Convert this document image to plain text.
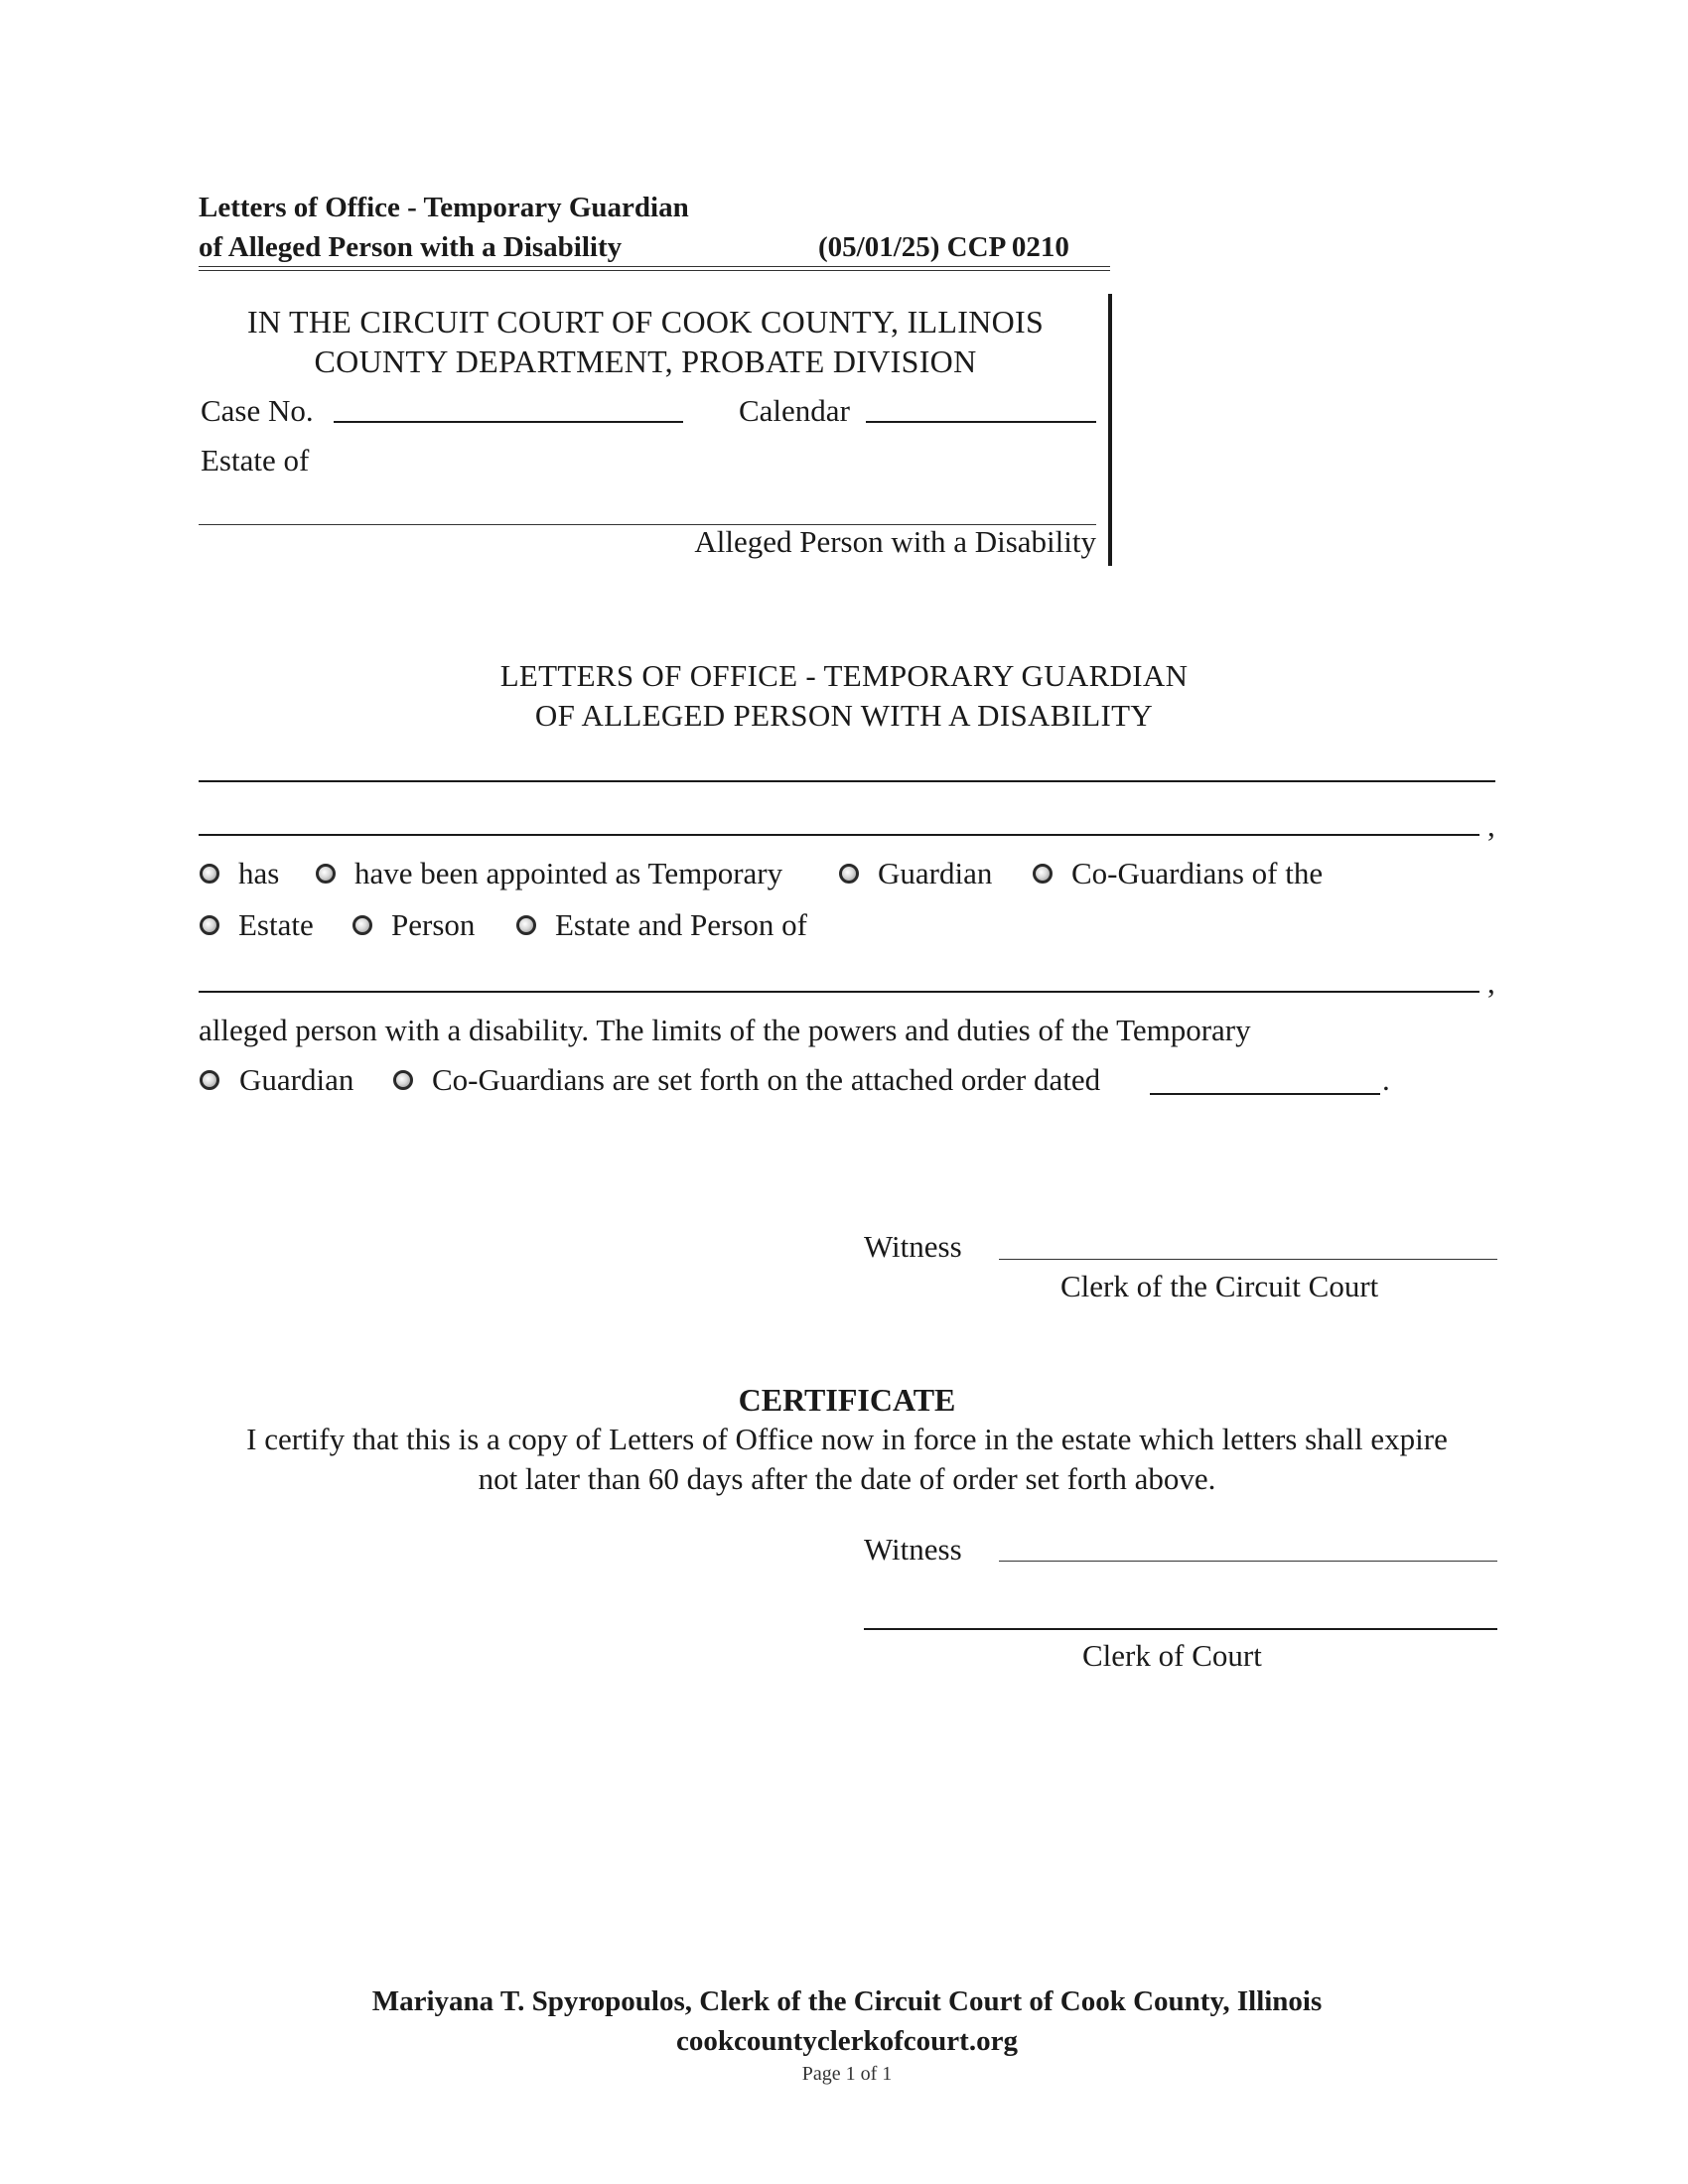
Letters of Office - Temporary Guardian
of Alleged Person with a Disability	(05/01/25) CCP 0210
IN THE CIRCUIT COURT OF COOK COUNTY, ILLINOIS
COUNTY DEPARTMENT, PROBATE DIVISION
Case No.	Calendar
Estate of
Alleged Person with a Disability
LETTERS OF OFFICE - TEMPORARY GUARDIAN
OF ALLEGED PERSON WITH A DISABILITY
,
has have been appointed as Temporary	Guardian	Co-Guardians of the
Estate	Person	Estate and Person of
,
alleged person with a disability. The limits of the powers and duties of the Temporary
Guardian	Co-Guardians are set forth on the attached order dated	.
Witness
Clerk of the Circuit Court
CERTIFICATE
I certify that this is a copy of Letters of Office now in force in the estate which letters shall expire
not later than 60 days after the date of order set forth above.
Witness
Clerk of Court
Mariyana T. Spyropoulos, Clerk of the Circuit Court of Cook County, Illinois
cookcountyclerkofcourt.org
Page 1 of 1
